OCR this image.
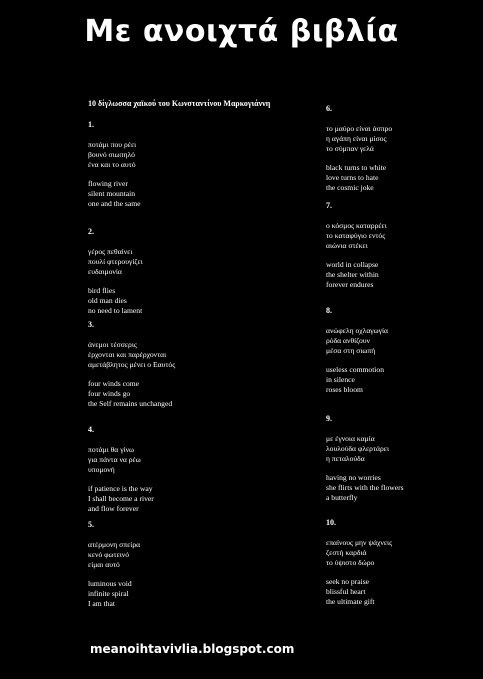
Με ανοιχτά βιβλία
10 δίγλωσσα χαϊκού του Κωνσταντίνου Μαρκογιάννη
1.
ποτάμι που ρέει
βουνό σιωπηλό
ένα και το αυτό
flowing river
silent mountain
one and the same
2.
γέρος πεθαίνει
πουλί φτερουγίζει
ευδαιμονία
bird flies
old man dies
no need to lament
3.
άνεμοι τέσσερις
έρχονται και παρέρχονται
αμετάβλητος μένει ο Εαυτός
four winds come
four winds go
the Self remains unchanged
4.
ποτάμι θα γίνω
για πάντα να ρέω
υπομονή
if patience is the way
I shall become a river
and flow forever
5.
ατέρμονη σπείρα
κενό φωτεινό
είμαι αυτό
luminous void
infinite spiral
I am that
6.
το μαύρο είναι άσπρο
η αγάπη είναι μίσος
το σύμπαν γελά
black turns to white
love turns to hate
the cosmic joke
7.
ο κόσμος καταρρέει
το καταφύγιο εντός
αιώνια στέκει
world in collapse
the shelter within
forever endures
8.
ανώφελη οχλαγωγία
ρόδα ανθίζουν
μέσα στη σιωπή
useless commotion
in silence
roses bloom
9.
με έγνοια καμία
λουλούδα φλερτάρει
η πεταλούδα
having no worries
she flirts with the flowers
a butterfly
10.
επαίνους μην ψάχνεις
ζεστή καρδιά
το ύψιστο δώρο
seek no praise
blissful heart
the ultimate gift
meanoihtavivlia.blogspot.com
